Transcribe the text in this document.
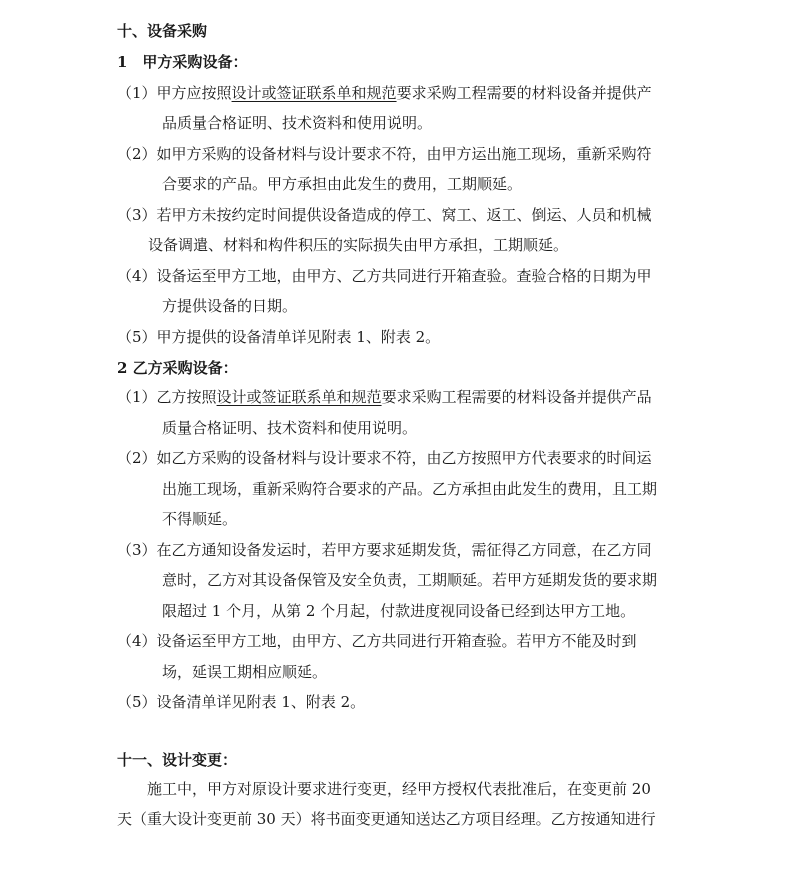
十、设备采购
1　甲方采购设备：
（1）甲方应按照设计或签证联系单和规范要求采购工程需要的材料设备并提供产
品质量合格证明、技术资料和使用说明。
（2）如甲方采购的设备材料与设计要求不符，由甲方运出施工现场，重新采购符
合要求的产品。甲方承担由此发生的费用，工期顺延。
（3）若甲方未按约定时间提供设备造成的停工、窝工、返工、倒运、人员和机械
设备调遣、材料和构件积压的实际损失由甲方承担，工期顺延。
（4）设备运至甲方工地，由甲方、乙方共同进行开箱查验。查验合格的日期为甲
方提供设备的日期。
（5）甲方提供的设备清单详见附表 1、附表 2。
2 乙方采购设备：
（1）乙方按照设计或签证联系单和规范要求采购工程需要的材料设备并提供产品
质量合格证明、技术资料和使用说明。
（2）如乙方采购的设备材料与设计要求不符，由乙方按照甲方代表要求的时间运
出施工现场，重新采购符合要求的产品。乙方承担由此发生的费用，且工期
不得顺延。
（3）在乙方通知设备发运时，若甲方要求延期发货，需征得乙方同意，在乙方同
意时，乙方对其设备保管及安全负责，工期顺延。若甲方延期发货的要求期
限超过 1 个月，从第 2 个月起，付款进度视同设备已经到达甲方工地。
（4）设备运至甲方工地，由甲方、乙方共同进行开箱查验。若甲方不能及时到
场，延误工期相应顺延。
（5）设备清单详见附表 1、附表 2。
十一、设计变更：
施工中，甲方对原设计要求进行变更，经甲方授权代表批准后，在变更前 20
天（重大设计变更前 30 天）将书面变更通知送达乙方项目经理。乙方按通知进行
